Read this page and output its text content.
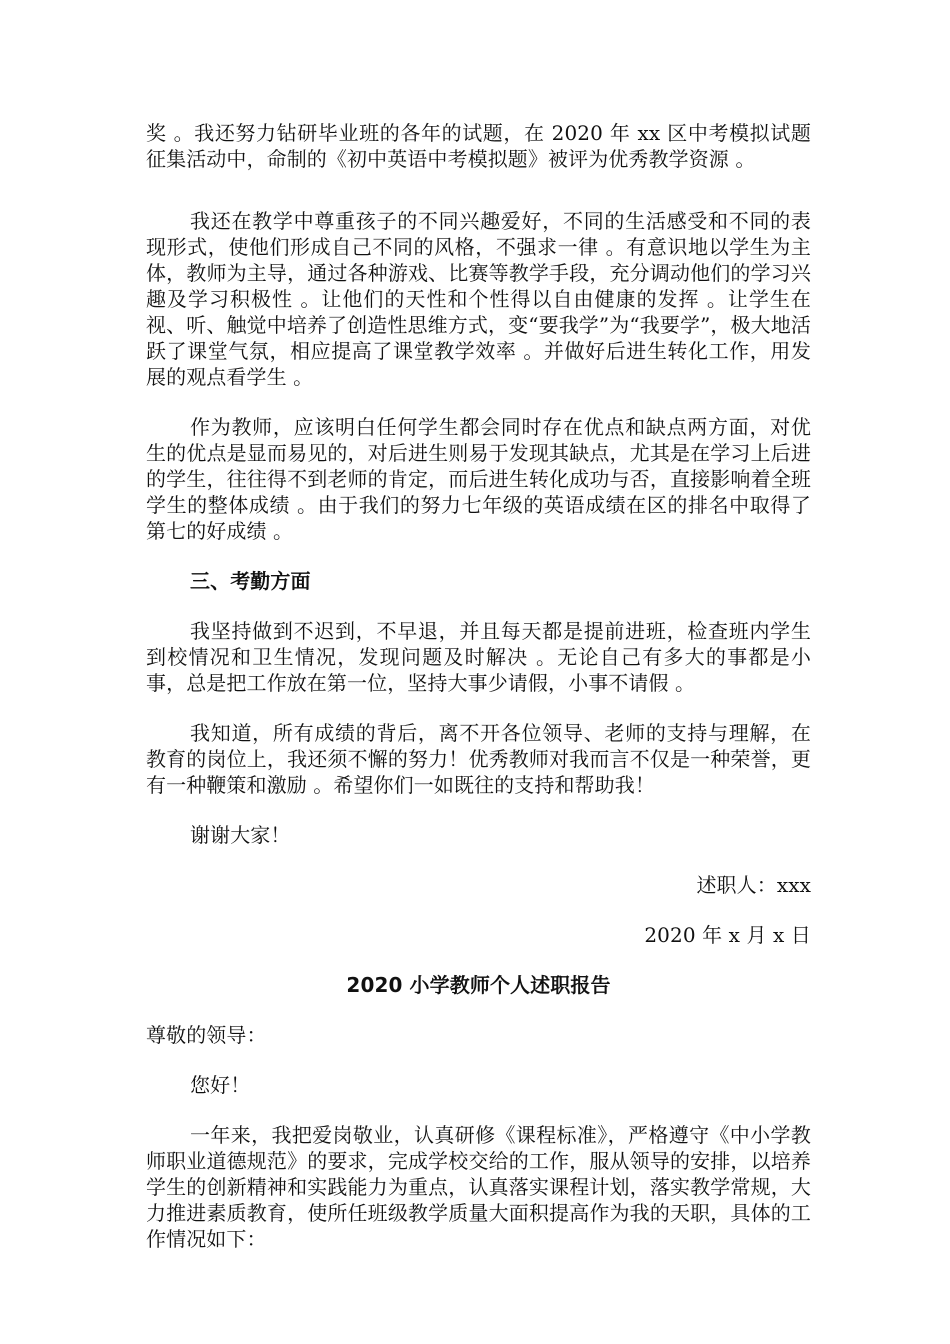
奖 。我还努力钻研毕业班的各年的试题，在 2020 年 xx 区中考模拟试题征集活动中，命制的《初中英语中考模拟题》被评为优秀教学资源 。

我还在教学中尊重孩子的不同兴趣爱好，不同的生活感受和不同的表现形式，使他们形成自己不同的风格，不强求一律 。有意识地以学生为主体，教师为主导，通过各种游戏、比赛等教学手段，充分调动他们的学习兴趣及学习积极性 。让他们的天性和个性得以自由健康的发挥 。让学生在视、听、触觉中培养了创造性思维方式，变“要我学”为“我要学”，极大地活跃了课堂气氛，相应提高了课堂教学效率 。并做好后进生转化工作，用发展的观点看学生 。

作为教师，应该明白任何学生都会同时存在优点和缺点两方面，对优生的优点是显而易见的，对后进生则易于发现其缺点，尤其是在学习上后进的学生，往往得不到老师的肯定，而后进生转化成功与否，直接影响着全班学生的整体成绩 。由于我们的努力七年级的英语成绩在区的排名中取得了第七的好成绩 。

三、考勤方面

我坚持做到不迟到，不早退，并且每天都是提前进班，检查班内学生到校情况和卫生情况，发现问题及时解决 。无论自己有多大的事都是小事，总是把工作放在第一位，坚持大事少请假，小事不请假 。

我知道，所有成绩的背后，离不开各位领导、老师的支持与理解，在教育的岗位上，我还须不懈的努力！优秀教师对我而言不仅是一种荣誉，更有一种鞭策和激励 。希望你们一如既往的支持和帮助我！

谢谢大家！

述职人：xxx

2020 年 x 月 x 日

2020 小学教师个人述职报告

尊敬的领导：

您好！

一年来，我把爱岗敬业，认真研修《课程标准》，严格遵守《中小学教师职业道德规范》的要求，完成学校交给的工作，服从领导的安排，以培养学生的创新精神和实践能力为重点，认真落实课程计划，落实教学常规，大力推进素质教育，使所任班级教学质量大面积提高作为我的天职，具体的工作情况如下：
